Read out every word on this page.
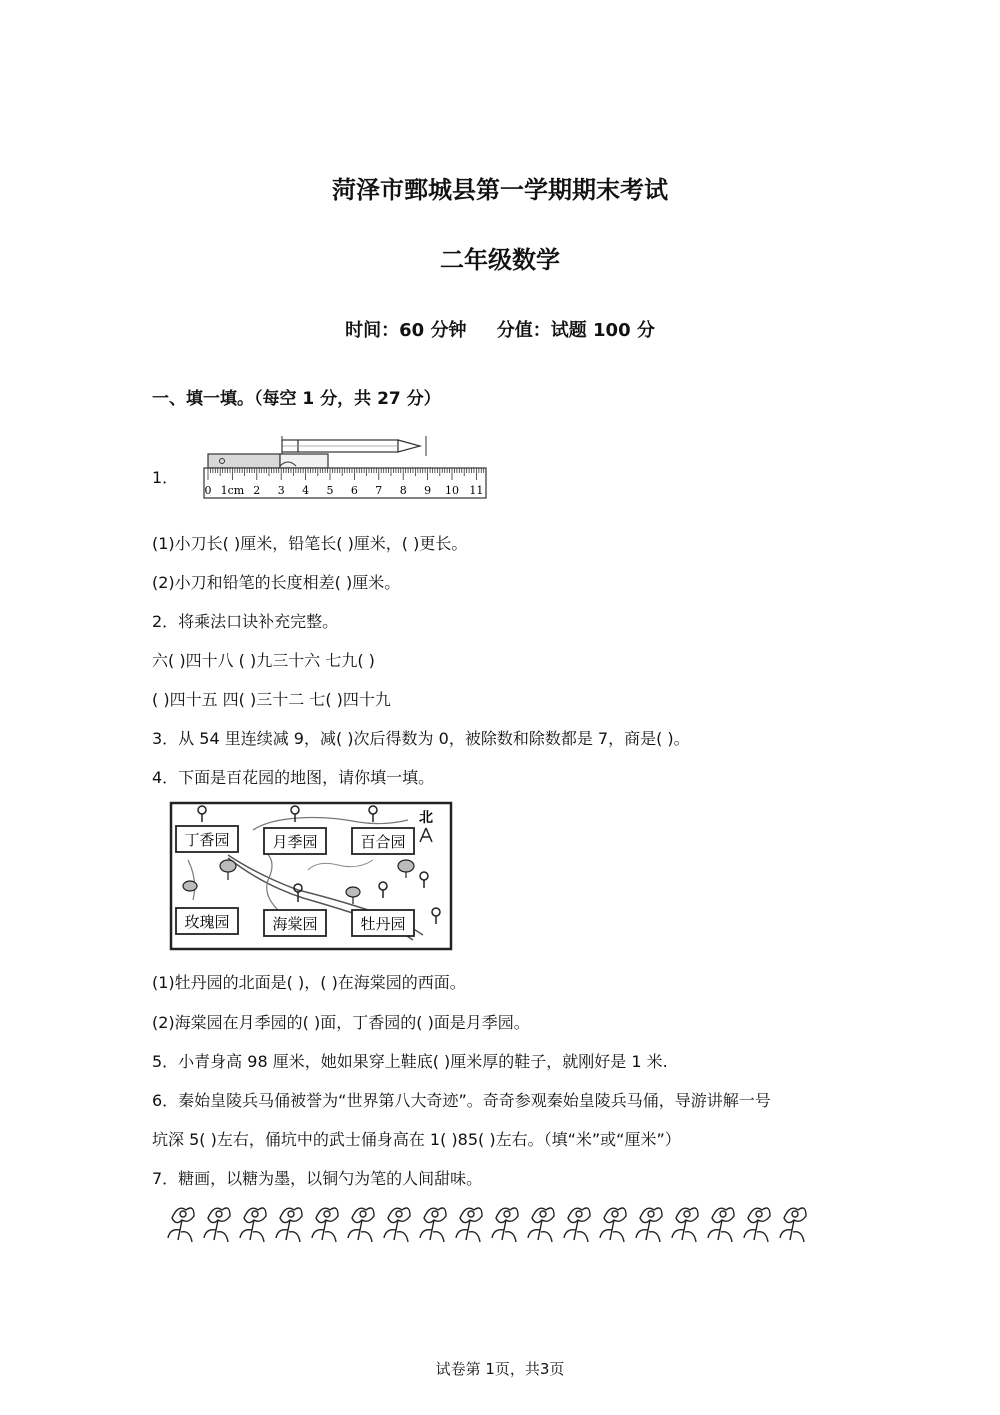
菏泽市鄄城县第一学期期末考试
二年级数学
时间：60 分钟 分值：试题 100 分
一、填一填。（每空 1 分，共 27 分）
1．
0 1cm 2 3 4 5 6 7 8 9 10 11
(1)小刀长( )厘米，铅笔长( )厘米，( )更长。
(2)小刀和铅笔的长度相差( )厘米。
2．将乘法口诀补充完整。
六( )四十八 ( )九三十六 七九( )
( )四十五 四( )三十二 七( )四十九
3．从 54 里连续减 9，减( )次后得数为 0，被除数和除数都是 7，商是( )。
4．下面是百花园的地图，请你填一填。
北
丁香园	月季园	百合园
玫瑰园	海棠园	牡丹园
(1)牡丹园的北面是( )，( )在海棠园的西面。
(2)海棠园在月季园的( )面，丁香园的( )面是月季园。
5．小青身高 98 厘米，她如果穿上鞋底( )厘米厚的鞋子，就刚好是 1 米.
6．秦始皇陵兵马俑被誉为“世界第八大奇迹”。奇奇参观秦始皇陵兵马俑，导游讲解一号
坑深 5( )左右，俑坑中的武士俑身高在 1( )85( )左右。（填“米”或“厘米”）
7．糖画，以糖为墨，以铜勺为笔的人间甜味。
试卷第 1页，共3页
